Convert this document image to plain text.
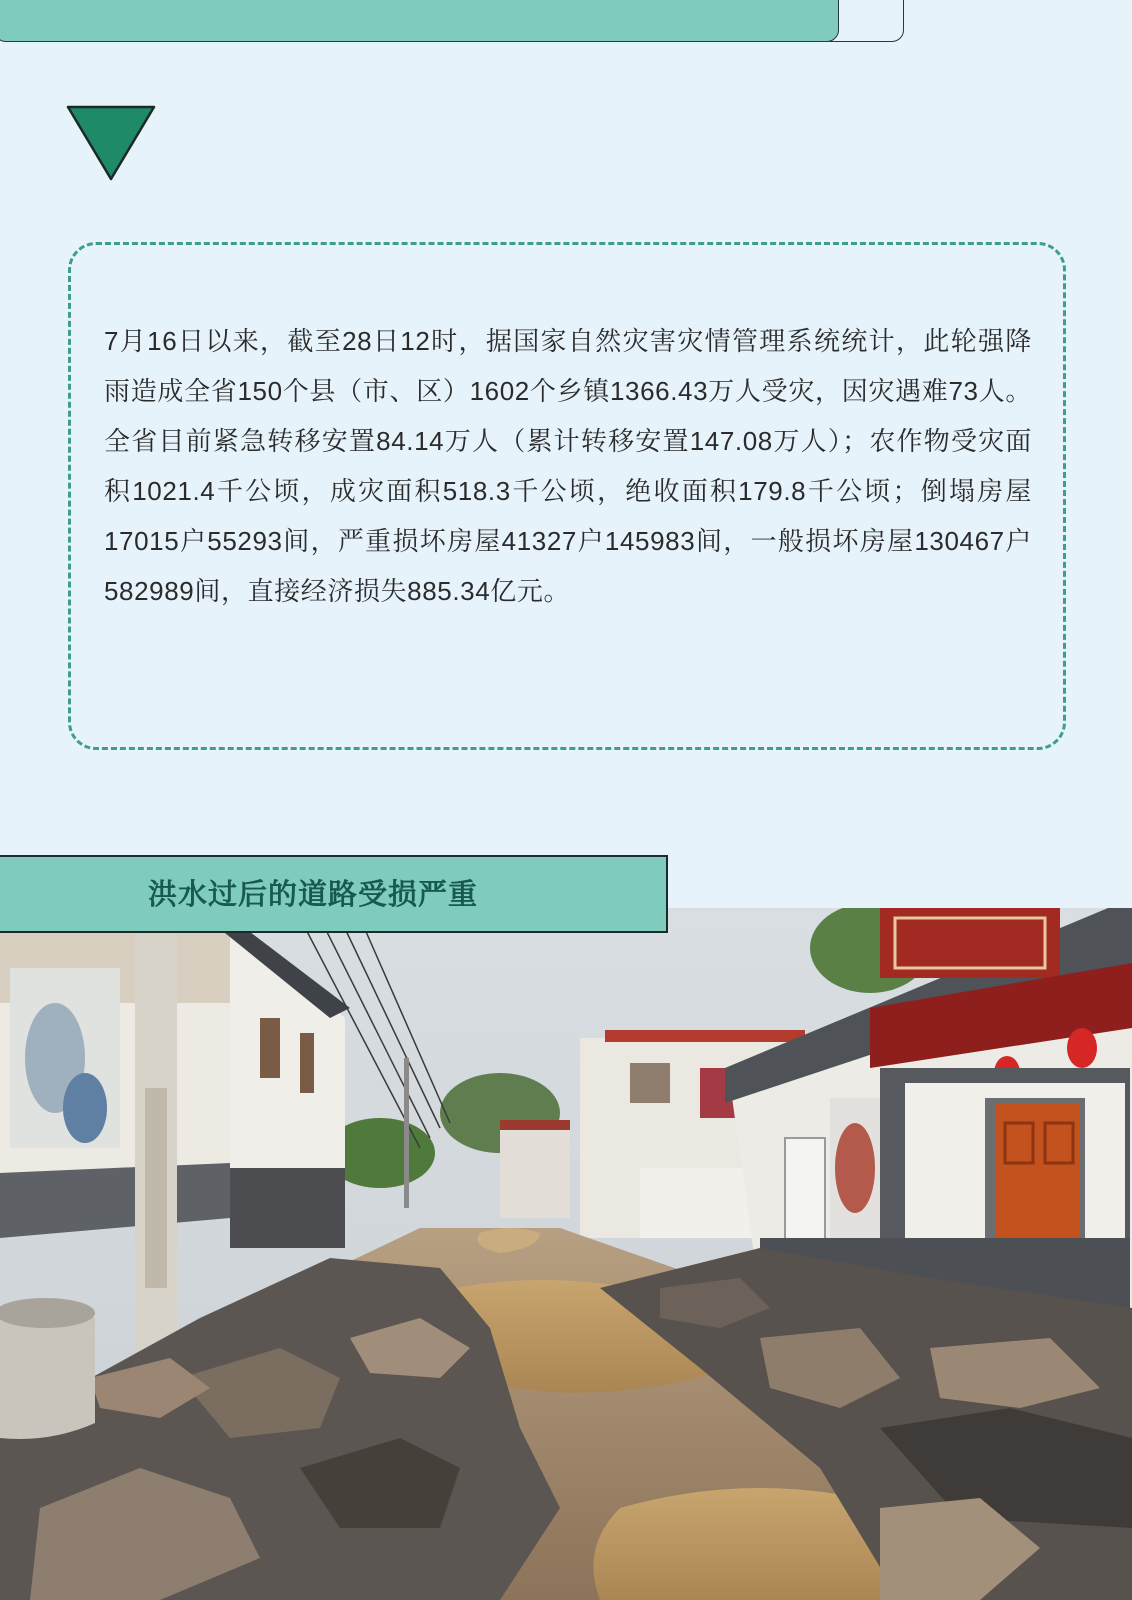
7月16日以来，截至28日12时，据国家自然灾害灾情管理系统统计，此轮强降雨造成全省150个县（市、区）1602个乡镇1366.43万人受灾，因灾遇难73人。全省目前紧急转移安置84.14万人（累计转移安置147.08万人）；农作物受灾面积1021.4千公顷，成灾面积518.3千公顷，绝收面积179.8千公顷；倒塌房屋17015户55293间，严重损坏房屋41327户145983间，一般损坏房屋130467户582989间，直接经济损失885.34亿元。

洪水过后的道路受损严重
